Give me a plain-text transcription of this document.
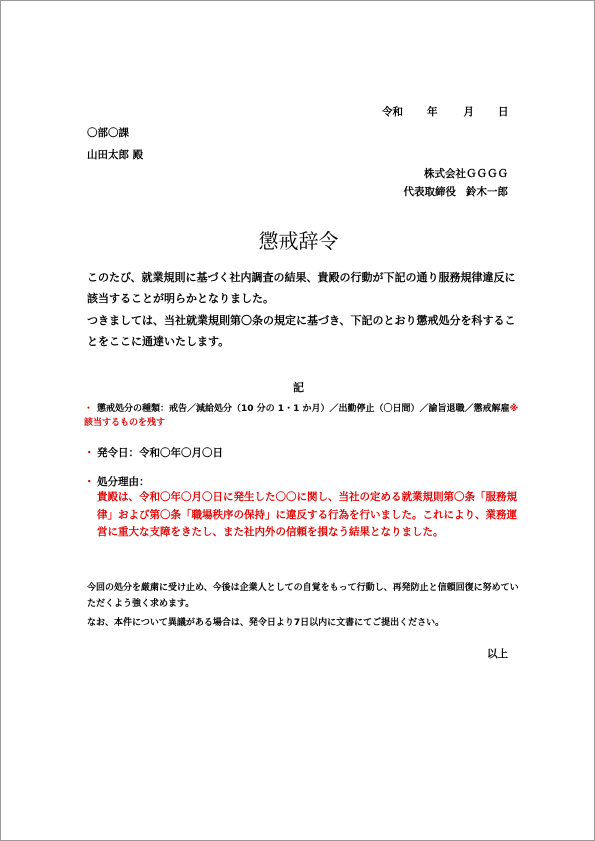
令和 年 月 日
〇部〇課
山田太郎 殿
株式会社ＧＧＧＧ
代表取締役 鈴木一郎
懲戒辞令
このたび、就業規則に基づく社内調査の結果、貴殿の行動が下記の通り服務規律違反に該当することが明らかとなりました。
つきましては、当社就業規則第〇条の規定に基づき、下記のとおり懲戒処分を科することをここに通達いたします。
記
・ 懲戒処分の種類：戒告／減給処分（10 分の 1・1 か月）／出勤停止（〇日間）／諭旨退職／懲戒解雇※該当するものを残す
・ 発令日：令和〇年〇月〇日
・ 処分理由：
貴殿は、令和〇年〇月〇日に発生した〇〇に関し、当社の定める就業規則第〇条「服務規律」および第〇条「職場秩序の保持」に違反する行為を行いました。これにより、業務運営に重大な支障をきたし、また社内外の信頼を損なう結果となりました。
今回の処分を厳粛に受け止め、今後は企業人としての自覚をもって行動し、再発防止と信頼回復に努めていただくよう強く求めます。
なお、本件について異議がある場合は、発令日より7日以内に文書にてご提出ください。
以上
